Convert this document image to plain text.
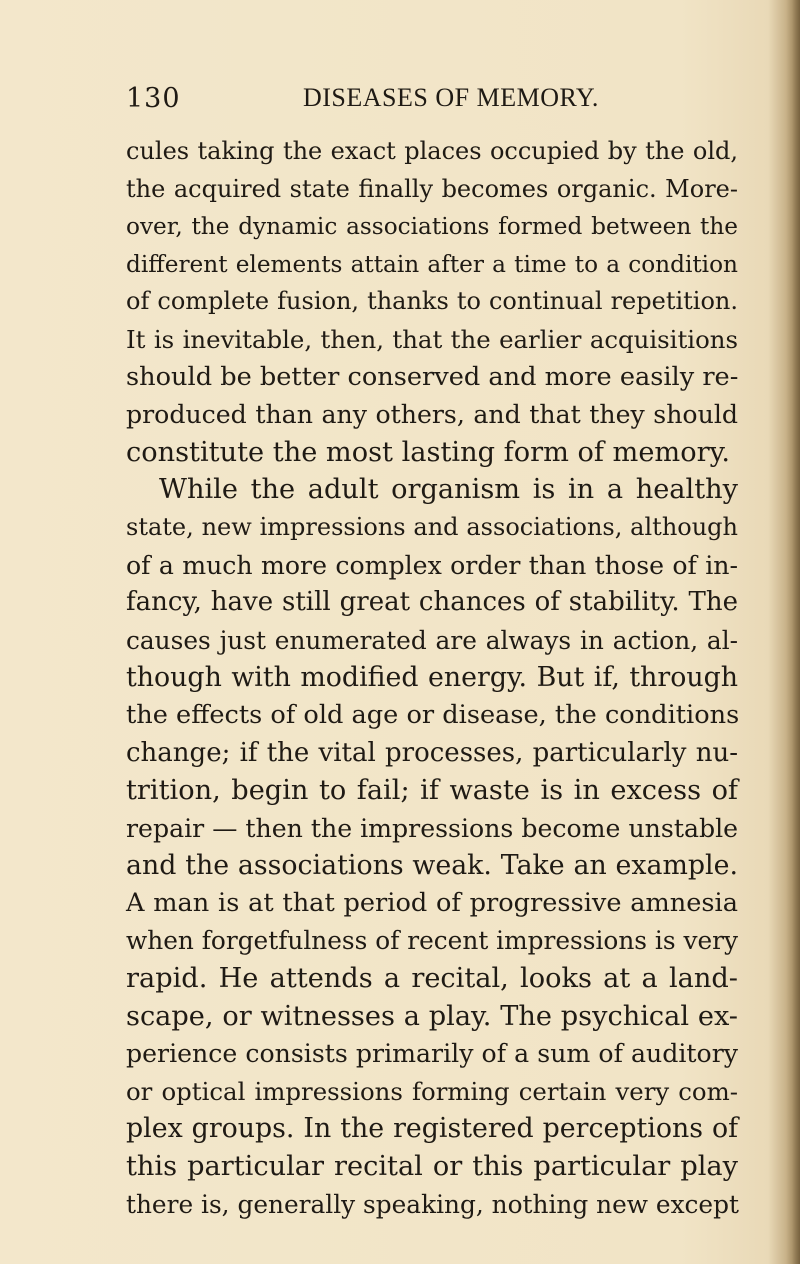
130	DISEASES OF MEMORY.
cules taking the exact places occupied by the old,
the acquired state finally becomes organic. More-
over, the dynamic associations formed between the
different elements attain after a time to a condition
of complete fusion, thanks to continual repetition.
It is inevitable, then, that the earlier acquisitions
should be better conserved and more easily re-
produced than any others, and that they should
constitute the most lasting form of memory.
While the adult organism is in a healthy
state, new impressions and associations, although
of a much more complex order than those of in-
fancy, have still great chances of stability. The
causes just enumerated are always in action, al-
though with modified energy. But if, through
the effects of old age or disease, the conditions
change; if the vital processes, particularly nu-
trition, begin to fail; if waste is in excess of
repair — then the impressions become unstable
and the associations weak. Take an example.
A man is at that period of progressive amnesia
when forgetfulness of recent impressions is very
rapid. He attends a recital, looks at a land-
scape, or witnesses a play. The psychical ex-
perience consists primarily of a sum of auditory
or optical impressions forming certain very com-
plex groups. In the registered perceptions of
this particular recital or this particular play
there is, generally speaking, nothing new except
